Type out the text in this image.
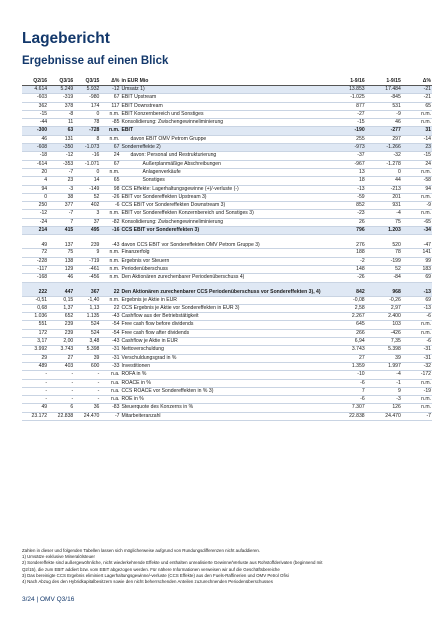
Lagebericht
Ergebnisse auf einen Blick
Q2/16	Q3/16	Q3/15	Δ%	in EUR Mio	1-9/16	1-9/15	Δ%
4.614	5.249	5.932	-12	Umsatz 1)	13.853	17.484	-21
-603	-319	-980	67	EBIT Upstream	-1.025	-845	-21
362	378	174	117	EBIT Downstream	877	531	65
-15	-8	0	n.m.	EBIT Konzernbereich und Sonstiges	-27	-9	n.m.
-44	11	78	-85	Konsolidierung: Zwischengewinneliminierung	-15	46	n.m.
-300	63	-728	n.m.	EBIT	-190	-277	31
46	131	8	n.m.	davon EBIT OMV Petrom Gruppe	255	297	-14
-608	-350	-1.073	67	Sonderreffekte 2)	-973	-1.266	23
-18	-12	-16	24	davon: Personal und Restrukturierung	-37	-32	-15
-614	-353	-1.071	67	Außerplanmäßige Abschreibungen	-967	-1.278	24
20	-7	0	n.m.	Anlagenverkäufe	13	0	n.m.
4	23	14	65	Sonstiges	18	44	-58
94	-3	-149	98	CCS Effekte: Lagerhaltungsgewinne (+)/-verluste (-)	-13	-213	94
0	38	52	-26	EBIT vor Sondereffekten Upstream 3)	-59	201	n.m.
250	377	402	-6	CCS EBIT vor Sondereffekten Downstream 3)	852	931	-9
-12	-7	3	n.m.	EBIT vor Sondereffekten Konzernbereich und Sonstiges 3)	-23	-4	n.m.
-24	7	37	-82	Konsolidierung: Zwischengewinneliminierung	26	75	-65
214	415	495	-16	CCS EBIT vor Sondereffekten 3)	796	1.203	-34
49	137	239	-43	davon CCS EBIT vor Sondereffekten OMV Petrom Gruppe 3)	276	520	-47
72	75	9	n.m.	Finanzerfolg	188	78	141
-228	138	-719	n.m.	Ergebnis vor Steuern	-2	-199	99
-117	129	-461	n.m.	Periodenüberschuss	148	52	183
-168	46	-456	n.m.	Den Aktionären zurechenbarer Periodenüberschuss 4)	-26	-84	69
222	447	367	22	Den Aktionären zurechenbarer CCS Periodenüberschuss vor Sondereffekten 3), 4)	842	968	-13
-0,51	0,15	-1,40	n.m.	Ergebnis je Aktie in EUR	-0,08	-0,26	69
0,68	1,37	1,13	22	CCS Ergebnis je Aktie vor Sondereffekten in EUR 3)	2,58	2,97	-13
1.036	652	1.135	-43	Cashflow aus der Betriebstätigkeit	2.267	2.400	-6
551	239	524	-54	Free cash flow before dividends	645	103	n.m.
172	239	524	-54	Free cash flow after dividends	266	-426	n.m.
3,17	2,00	3,48	-43	Cashflow je Aktie in EUR	6,94	7,35	-6
3.992	3.743	5.398	-31	Nettoverschuldung	3.743	5.398	-31
29	27	39	-31	Verschuldungsgrad in %	27	39	-31
489	403	600	-33	Investitionen	1.359	1.997	-32
-	-	-	n.a.	ROFA in %	-10	-4	-172
-	-	-	n.a.	ROACE in %	-6	-1	n.m.
-	-	-	n.a.	CCS ROACE vor Sondereffekten in % 3)	7	9	-19
-	-	-	n.a.	ROE in %	-6	-3	n.m.
49	6	36	-83	Steuerquote des Konzerns in %	7.307	126	n.m.
23.172	22.838	24.470	-7	Mitarbeiteranzahl	22.838	24.470	-7
Zahlen in dieser und folgenden Tabellen lassen sich möglicherweise aufgrund von Rundungsdifferenzen nicht aufaddieren.
1) Umsätze exklusive Mineralölsteuer
2) Sondereffekte sind außergewöhnliche, nicht wiederkehrende Effekte und enthalten unrealisierte Gewinne/Verluste aus Rohstoffderivaten (beginnend mit
Q2/15), die zum EBIT addiert bzw. vom EBIT abgezogen werden. Für nähere Informationen verweisen wir auf die Geschäftsbereiche
3) Das bereinigte CCS Ergebnis eliminiert Lagerhaltungsgewinne/-verluste (CCS Effekte) aus den Fuels-Raffinerien und OMV Petrol Ofisi
4) Nach Abzug des den Hybridkapitalbesitzern sowie den nicht beherrschenden Anteilen zuzurechnenden Periodenüberschusses
3/24 | OMV Q3/16
